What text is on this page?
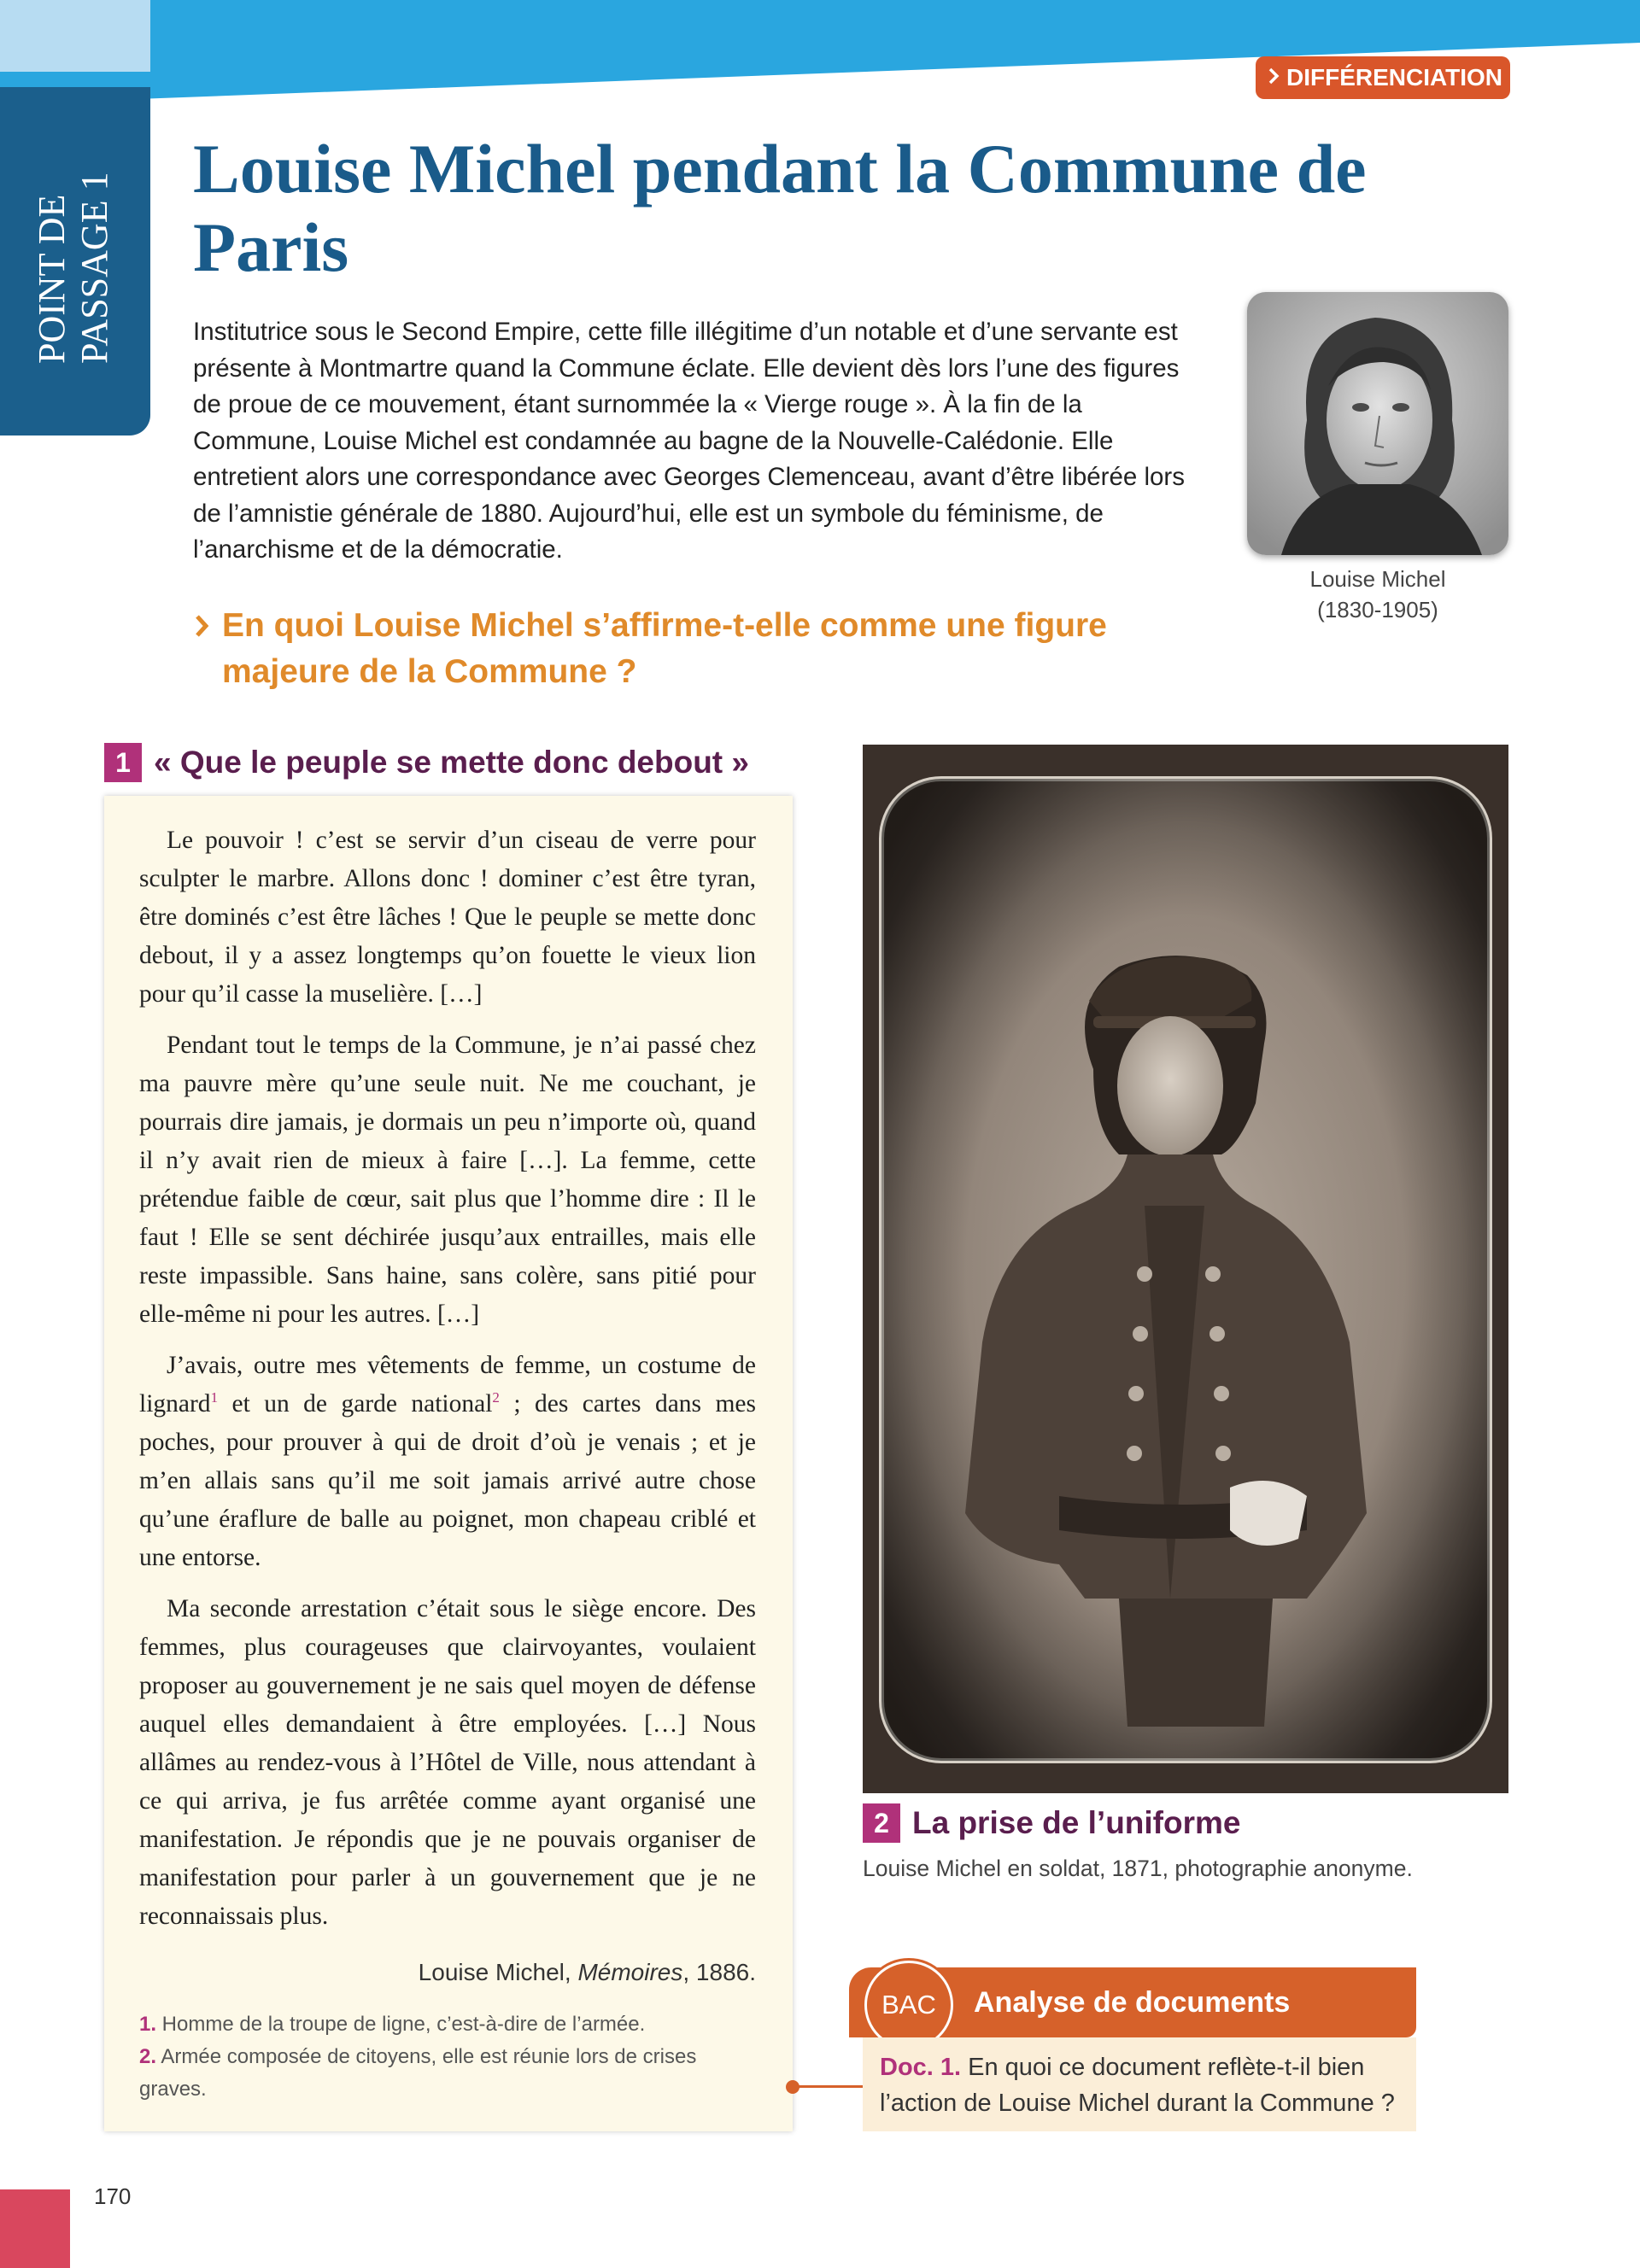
POINT DE PASSAGE 1
DIFFÉRENCIATION
Louise Michel pendant la Commune de Paris

Institutrice sous le Second Empire, cette fille illégitime d’un notable et d’une servante est présente à Montmartre quand la Commune éclate. Elle devient dès lors l’une des figures de proue de ce mouvement, étant surnommée la « Vierge rouge ». À la fin de la Commune, Louise Michel est condamnée au bagne de la Nouvelle-Calédonie. Elle entretient alors une correspondance avec Georges Clemenceau, avant d’être libérée lors de l’amnistie générale de 1880. Aujourd’hui, elle est un symbole du féminisme, de l’anarchisme et de la démocratie.

Louise Michel
(1830-1905)
En quoi Louise Michel s’affirme-t-elle comme une figure majeure de la Commune ?
1 « Que le peuple se mette donc debout »

Le pouvoir ! c’est se servir d’un ciseau de verre pour sculpter le marbre. Allons donc ! dominer c’est être tyran, être dominés c’est être lâches ! Que le peuple se mette donc debout, il y a assez longtemps qu’on fouette le vieux lion pour qu’il casse la muselière. […]

Pendant tout le temps de la Commune, je n’ai passé chez ma pauvre mère qu’une seule nuit. Ne me couchant, je pourrais dire jamais, je dormais un peu n’importe où, quand il n’y avait rien de mieux à faire […]. La femme, cette prétendue faible de cœur, sait plus que l’homme dire : Il le faut ! Elle se sent déchirée jusqu’aux entrailles, mais elle reste impassible. Sans haine, sans colère, sans pitié pour elle-même ni pour les autres. […]

J’avais, outre mes vêtements de femme, un costume de lignard$^1$ et un de garde national$^2$ ; des cartes dans mes poches, pour prouver à qui de droit d’où je venais ; et je m’en allais sans qu’il me soit jamais arrivé autre chose qu’une éraflure de balle au poignet, mon chapeau criblé et une entorse.

Ma seconde arrestation c’était sous le siège encore. Des femmes, plus courageuses que clairvoyantes, voulaient proposer au gouvernement je ne sais quel moyen de défense auquel elles demandaient à être employées. […] Nous allâmes au rendez-vous à l’Hôtel de Ville, nous attendant à ce qui arriva, je fus arrêtée comme ayant organisé une manifestation. Je répondis que je ne pouvais organiser de manifestation pour parler à un gouvernement que je ne reconnaissais plus.

Louise Michel, Mémoires, 1886.
1. Homme de la troupe de ligne, c’est-à-dire de l’armée.
2. Armée composée de citoyens, elle est réunie lors de crises graves.
2 La prise de l’uniforme
Louise Michel en soldat, 1871, photographie anonyme.
BAC	Analyse de documents
Doc. 1. En quoi ce document reflète-t-il bien l’action de Louise Michel durant la Commune ?
170
